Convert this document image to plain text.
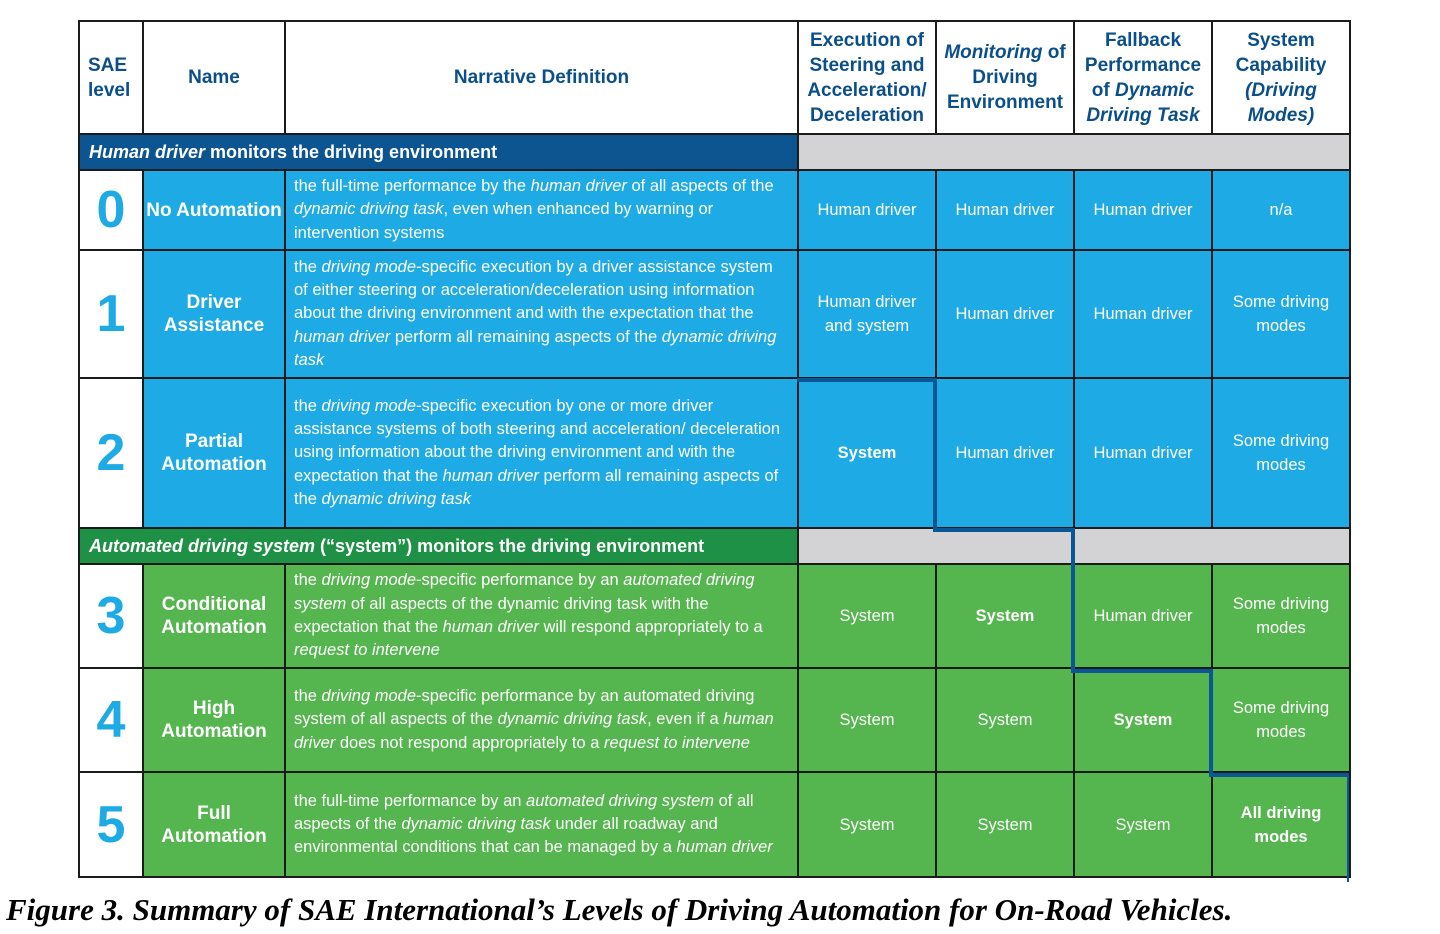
SAE level	Name	Narrative Definition	Execution of Steering and Acceleration/ Deceleration	Monitoring of Driving Environment	Fallback Performance of Dynamic Driving Task	System Capability (Driving Modes)
Human driver monitors the driving environment						
0	No Automation	the full-time performance by the human driver of all aspects of the dynamic driving task, even when enhanced by warning or intervention systems	Human driver	Human driver	Human driver	n/a
1	Driver Assistance	the driving mode-specific execution by a driver assistance system of either steering or acceleration/deceleration using information about the driving environment and with the expectation that the human driver perform all remaining aspects of the dynamic driving task	Human driver and system	Human driver	Human driver	Some driving modes
2	Partial Automation	the driving mode-specific execution by one or more driver assistance systems of both steering and acceleration/ deceleration using information about the driving environment and with the expectation that the human driver perform all remaining aspects of the dynamic driving task	System	Human driver	Human driver	Some driving modes
Automated driving system (“system”) monitors the driving environment						
3	Conditional Automation	the driving mode-specific performance by an automated driving system of all aspects of the dynamic driving task with the expectation that the human driver will respond appropriately to a request to intervene	System	System	Human driver	Some driving modes
4	High Automation	the driving mode-specific performance by an automated driving system of all aspects of the dynamic driving task, even if a human driver does not respond appropriately to a request to intervene	System	System	System	Some driving modes
5	Full Automation	the full-time performance by an automated driving system of all aspects of the dynamic driving task under all roadway and environmental conditions that can be managed by a human driver	System	System	System	All driving modes
Figure 3. Summary of SAE International’s Levels of Driving Automation for On-Road Vehicles.
